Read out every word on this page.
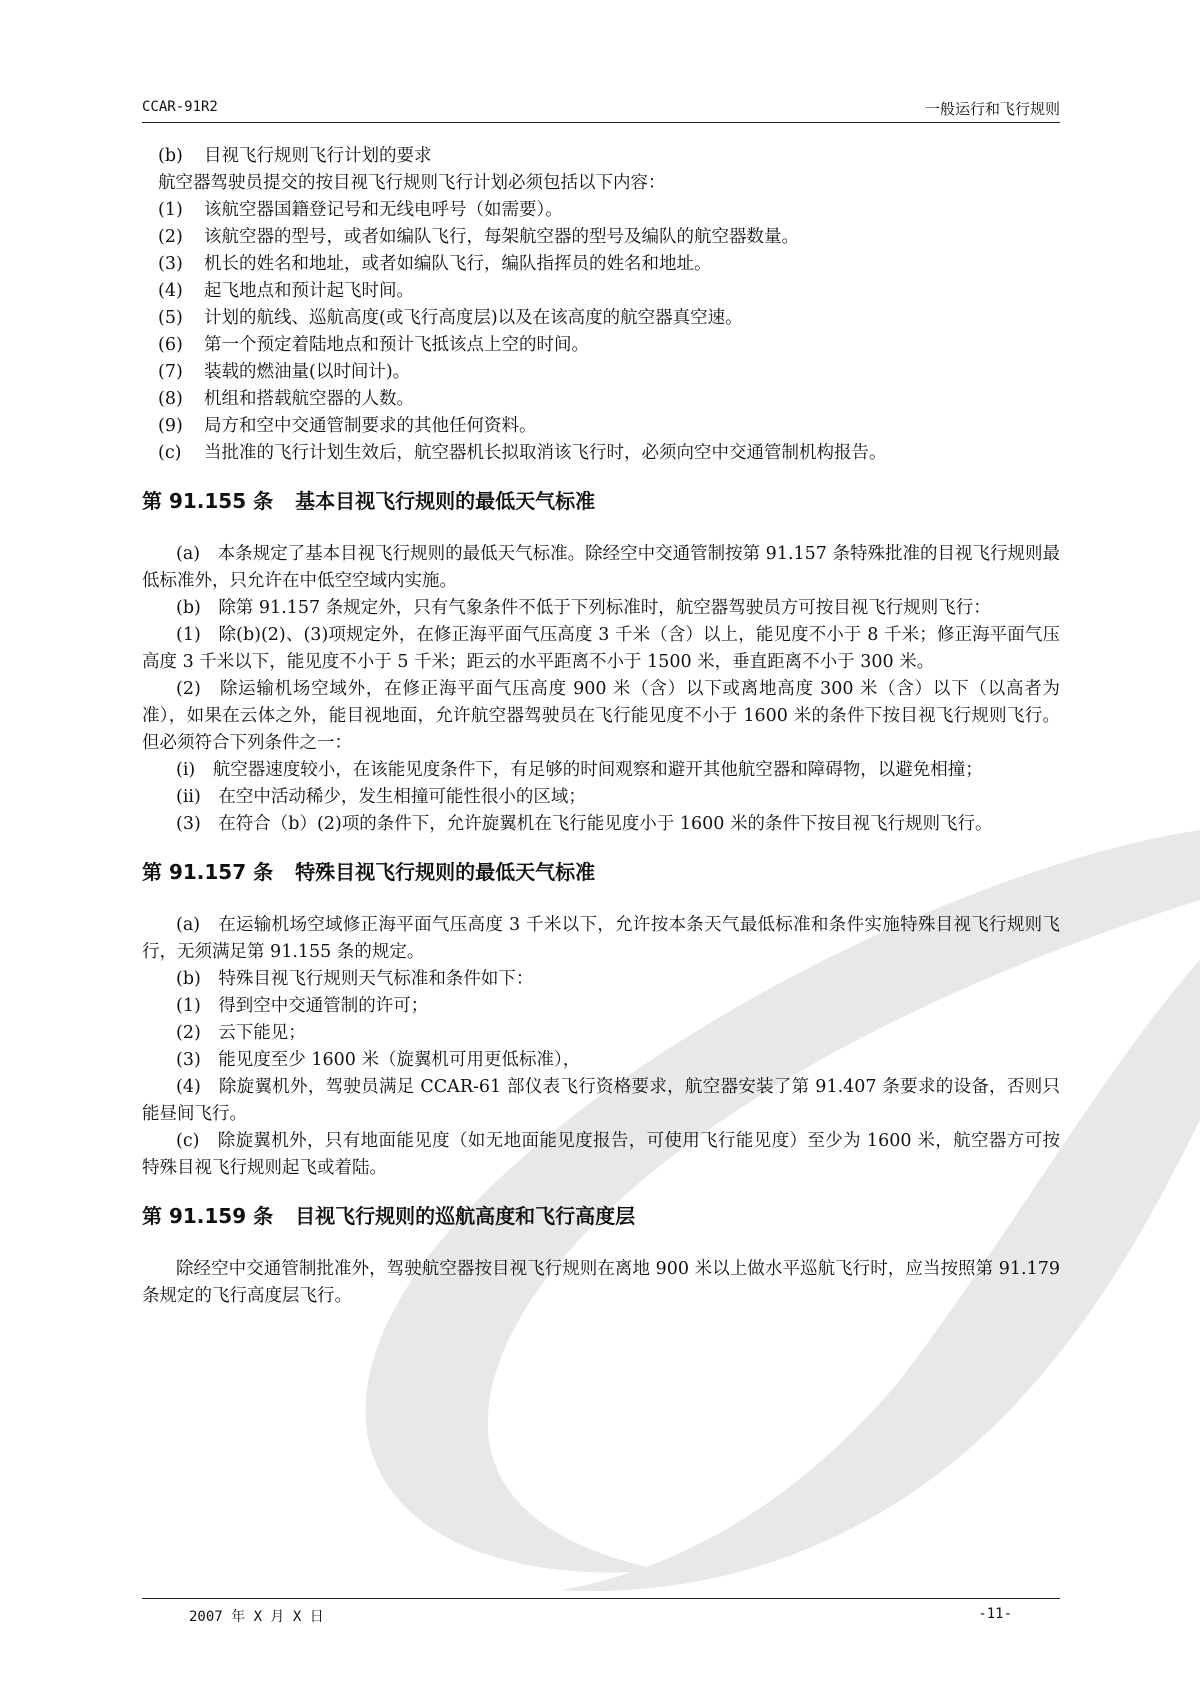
CCAR-91R2	一般运行和飞行规则
(b) 目视飞行规则飞行计划的要求
航空器驾驶员提交的按目视飞行规则飞行计划必须包括以下内容：
(1) 该航空器国籍登记号和无线电呼号（如需要）。
(2) 该航空器的型号，或者如编队飞行，每架航空器的型号及编队的航空器数量。
(3) 机长的姓名和地址，或者如编队飞行，编队指挥员的姓名和地址。
(4) 起飞地点和预计起飞时间。
(5) 计划的航线、巡航高度(或飞行高度层)以及在该高度的航空器真空速。
(6) 第一个预定着陆地点和预计飞抵该点上空的时间。
(7) 装载的燃油量(以时间计)。
(8) 机组和搭载航空器的人数。
(9) 局方和空中交通管制要求的其他任何资料。
(c) 当批准的飞行计划生效后，航空器机长拟取消该飞行时，必须向空中交通管制机构报告。
第 91.155 条 基本目视飞行规则的最低天气标准
(a)　本条规定了基本目视飞行规则的最低天气标准。除经空中交通管制按第 91.157 条特殊批准的目视飞行规则最低标准外，只允许在中低空空域内实施。
(b)　除第 91.157 条规定外，只有气象条件不低于下列标准时，航空器驾驶员方可按目视飞行规则飞行：
(1)　除(b)(2)、(3)项规定外，在修正海平面气压高度 3 千米（含）以上，能见度不小于 8 千米；修正海平面气压高度 3 千米以下，能见度不小于 5 千米；距云的水平距离不小于 1500 米，垂直距离不小于 300 米。
(2)　除运输机场空域外，在修正海平面气压高度 900 米（含）以下或离地高度 300 米（含）以下（以高者为准），如果在云体之外，能目视地面，允许航空器驾驶员在飞行能见度不小于 1600 米的条件下按目视飞行规则飞行。但必须符合下列条件之一：
(i)　航空器速度较小，在该能见度条件下，有足够的时间观察和避开其他航空器和障碍物，以避免相撞；
(ii)　在空中活动稀少，发生相撞可能性很小的区域；
(3)　在符合（b）(2)项的条件下，允许旋翼机在飞行能见度小于 1600 米的条件下按目视飞行规则飞行。
第 91.157 条 特殊目视飞行规则的最低天气标准
(a)　在运输机场空域修正海平面气压高度 3 千米以下，允许按本条天气最低标准和条件实施特殊目视飞行规则飞行，无须满足第 91.155 条的规定。
(b)　特殊目视飞行规则天气标准和条件如下：
(1)　得到空中交通管制的许可；
(2)　云下能见；
(3)　能见度至少 1600 米（旋翼机可用更低标准），
(4)　除旋翼机外，驾驶员满足 CCAR-61 部仪表飞行资格要求，航空器安装了第 91.407 条要求的设备，否则只能昼间飞行。
(c)　除旋翼机外，只有地面能见度（如无地面能见度报告，可使用飞行能见度）至少为 1600 米，航空器方可按特殊目视飞行规则起飞或着陆。
第 91.159 条 目视飞行规则的巡航高度和飞行高度层
除经空中交通管制批准外，驾驶航空器按目视飞行规则在离地 900 米以上做水平巡航飞行时，应当按照第 91.179 条规定的飞行高度层飞行。
2007 年 X 月 X 日	-11-
